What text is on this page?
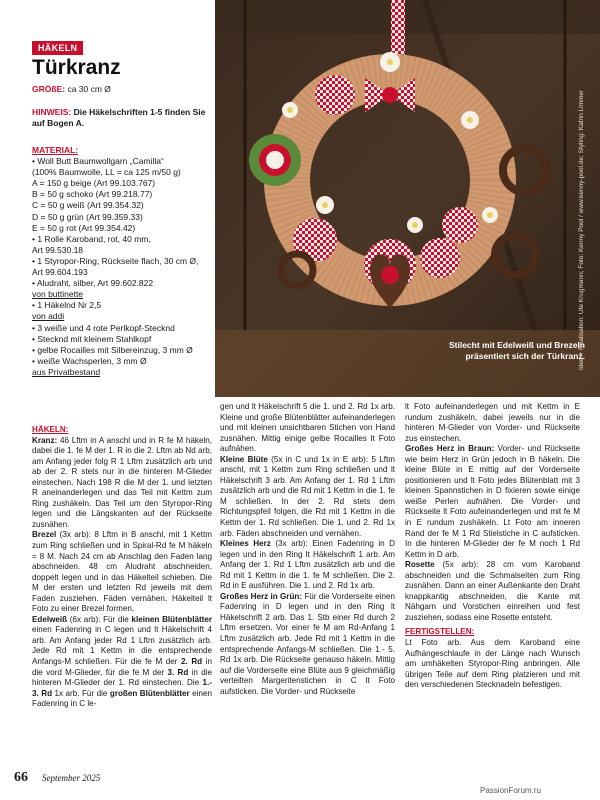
HÄKELN
Türkranz
GRÖßE: ca 30 cm Ø
HINWEIS: Die Häkelschriften 1-5 finden Sie auf Bogen A.
MATERIAL:
• Woll Butt Baumwollgarn „Camilla“
(100% Baumwolle, LL = ca 125 m/50 g)
A = 150 g beige (Art 99.103.767)
B = 50 g schoko (Art 99.218.77)
C = 50 g weiß (Art 99.354.32)
D = 50 g grün (Art 99.359.33)
E = 50 g rot (Art 99.354.42)
• 1 Rolle Karoband, rot, 40 mm,
Art 99.530.18
• 1 Styropor-Ring, Rückseite flach, 30 cm Ø,
Art 99.604.193
• Aludraht, silber, Art 99.602.822
von buttinette
• 1 Häkelnd Nr 2,5
von addi
• 3 weiße und 4 rote Perlkopf-Stecknd
• Stecknd mit kleinem Stahlkopf
• gelbe Rocailles mit Silbereinzug, 3 mm Ø
• weiße Wachsperlen, 3 mm Ø
aus Privatbestand
HÄKELN:

Kranz: 46 Lftm in A anschl und in R fe M häkeln, dabei die 1. fe M der 1. R in die 2. Lftm ab Nd arb, am Anfang jeder folg R 1 Lftm zusätzlich arb und ab der 2. R stets nur in die hinteren M-Glieder einstechen. Nach 198 R die M der 1. und letzten R aneinanderlegen und das Teil mit Kettm zum Ring zushäkeln. Das Teil um den Styropor-Ring legen und die Längskanten auf der Rückseite zusnähen.

Brezel (3x arb): 8 Lftm in B anschl, mit 1 Kettm zum Ring schließen und in Spiral-Rd fe M häkeln = 8 M. Nach 24 cm ab Anschlag den Faden lang abschneiden. 48 cm Aludraht abschneiden, doppelt legen und in das Häkelteil schieben. Die M der ersten und letzten Rd jeweils mit dem Faden zusziehen. Fäden vernähen. Häkelteil lt Foto zu einer Brezel formen.

Edelweiß (6x arb): Für die kleinen Blütenblätter einen Fadenring in C legen und lt Häkelschrift 4 arb. Am Anfang jeder Rd 1 Lftm zusätzlich arb. Jede Rd mit 1 Kettm in die entsprechende Anfangs-M schließen. Für die fe M der 2. Rd in die vord M-Glieder, für die fe M der 3. Rd in die hinteren M-Glieder der 1. Rd einstechen. Die 1.- 3. Rd 1x arb. Für die großen Blütenblätter einen Fadenring in C le-

gen und lt Häkelschrift 5 die 1. und 2. Rd 1x arb. Kleine und große Blütenblätter aufeinanderlegen und mit kleinen unsichtbaren Stichen von Hand zusnähen. Mittig einige gelbe Rocailles lt Foto aufnähen.

Kleine Blüte (5x in C und 1x in E arb): 5 Lftm anschl, mit 1 Kettm zum Ring schließen und lt Häkelschrift 3 arb. Am Anfang der 1. Rd 1 Lftm zusätzlich arb und die Rd mit 1 Kettm in die 1. fe M schließen. In der 2. Rd stets dem Richtungspfeil folgen, die Rd mit 1 Kettm in die Kettm der 1. Rd schließen. Die 1. und 2. Rd 1x arb. Fäden abschneiden und vernähen.

Kleines Herz (3x arb): Einen Fadenring in D legen und in den Ring lt Häkelschrift 1 arb. Am Anfang der 1. Rd 1 Lftm zusätzlich arb und die Rd mit 1 Kettm in die 1. fe M schließen. Die 2. Rd in E ausführen. Die 1. und 2. Rd 1x arb.

Großes Herz in Grün: Für die Vorderseite einen Fadenring in D legen und in den Ring lt Häkelschrift 2 arb. Das 1. Stb einer Rd durch 2 Lftm ersetzen. Vor einer fe M am Rd-Anfang 1 Lftm zusätzlich arb. Jede Rd mit 1 Kettm in die entsprechende Anfangs-M schließen. Die 1.- 5. Rd 1x arb. Die Rückseite genauso häkeln. Mittig auf die Vorderseite eine Blüte aus 9 gleichmäßig verteilten Margeritenstichen in C lt Foto aufsticken. Die Vorder- und Rückseite

lt Foto aufeinanderlegen und mit Kettm in E rundum zushäkeln, dabei jeweils nur in die hinteren M-Glieder von Vorder- und Rückseite zus einstechen.

Großes Herz in Braun: Vorder- und Rückseite wie beim Herz in Grün jedoch in B häkeln. Die kleine Blüte in E mittig auf der Vorderseite positionieren und lt Foto jedes Blütenblatt mit 3 kleinen Spannstichen in D fixieren sowie einige weiße Perlen aufnähen. Die Vorder- und Rückseite lt Foto aufeinanderlegen und mit fe M in E rundum zushäkeln. Lt Foto am inneren Rand der fe M 1 Rd Stielstiche in C aufsticken. In die hinteren M-Glieder der fe M noch 1 Rd Kettm in D arb.

Rosette (5x arb): 28 cm vom Karoband abschneiden und die Schmalseiten zum Ring zusnähen. Dann an einer Außenkante den Draht knappkantig abschneiden, die Kante mit Nähgarn und Vorstichen einreihen und fest zusziehen, sodass eine Rosette entsteht.

FERTIGSTELLEN:

Lt Foto arb. Aus dem Karoband eine Aufhängeschlaufe in der Länge nach Wunsch am umhäkelten Styropor-Ring anbringen. Alle übrigen Teile auf dem Ring platzieren und mit den verschiedenen Stecknadeln befestigen.

Stilecht mit Edelweiß und Brezeln präsentiert sich der Türkranz.
Idee + Realisation: Ute Krugmann; Foto: Kenny Pool / www.kenny-pool.de; Styling: Katrin Limmer
66 September 2025
PassionForum.ru
